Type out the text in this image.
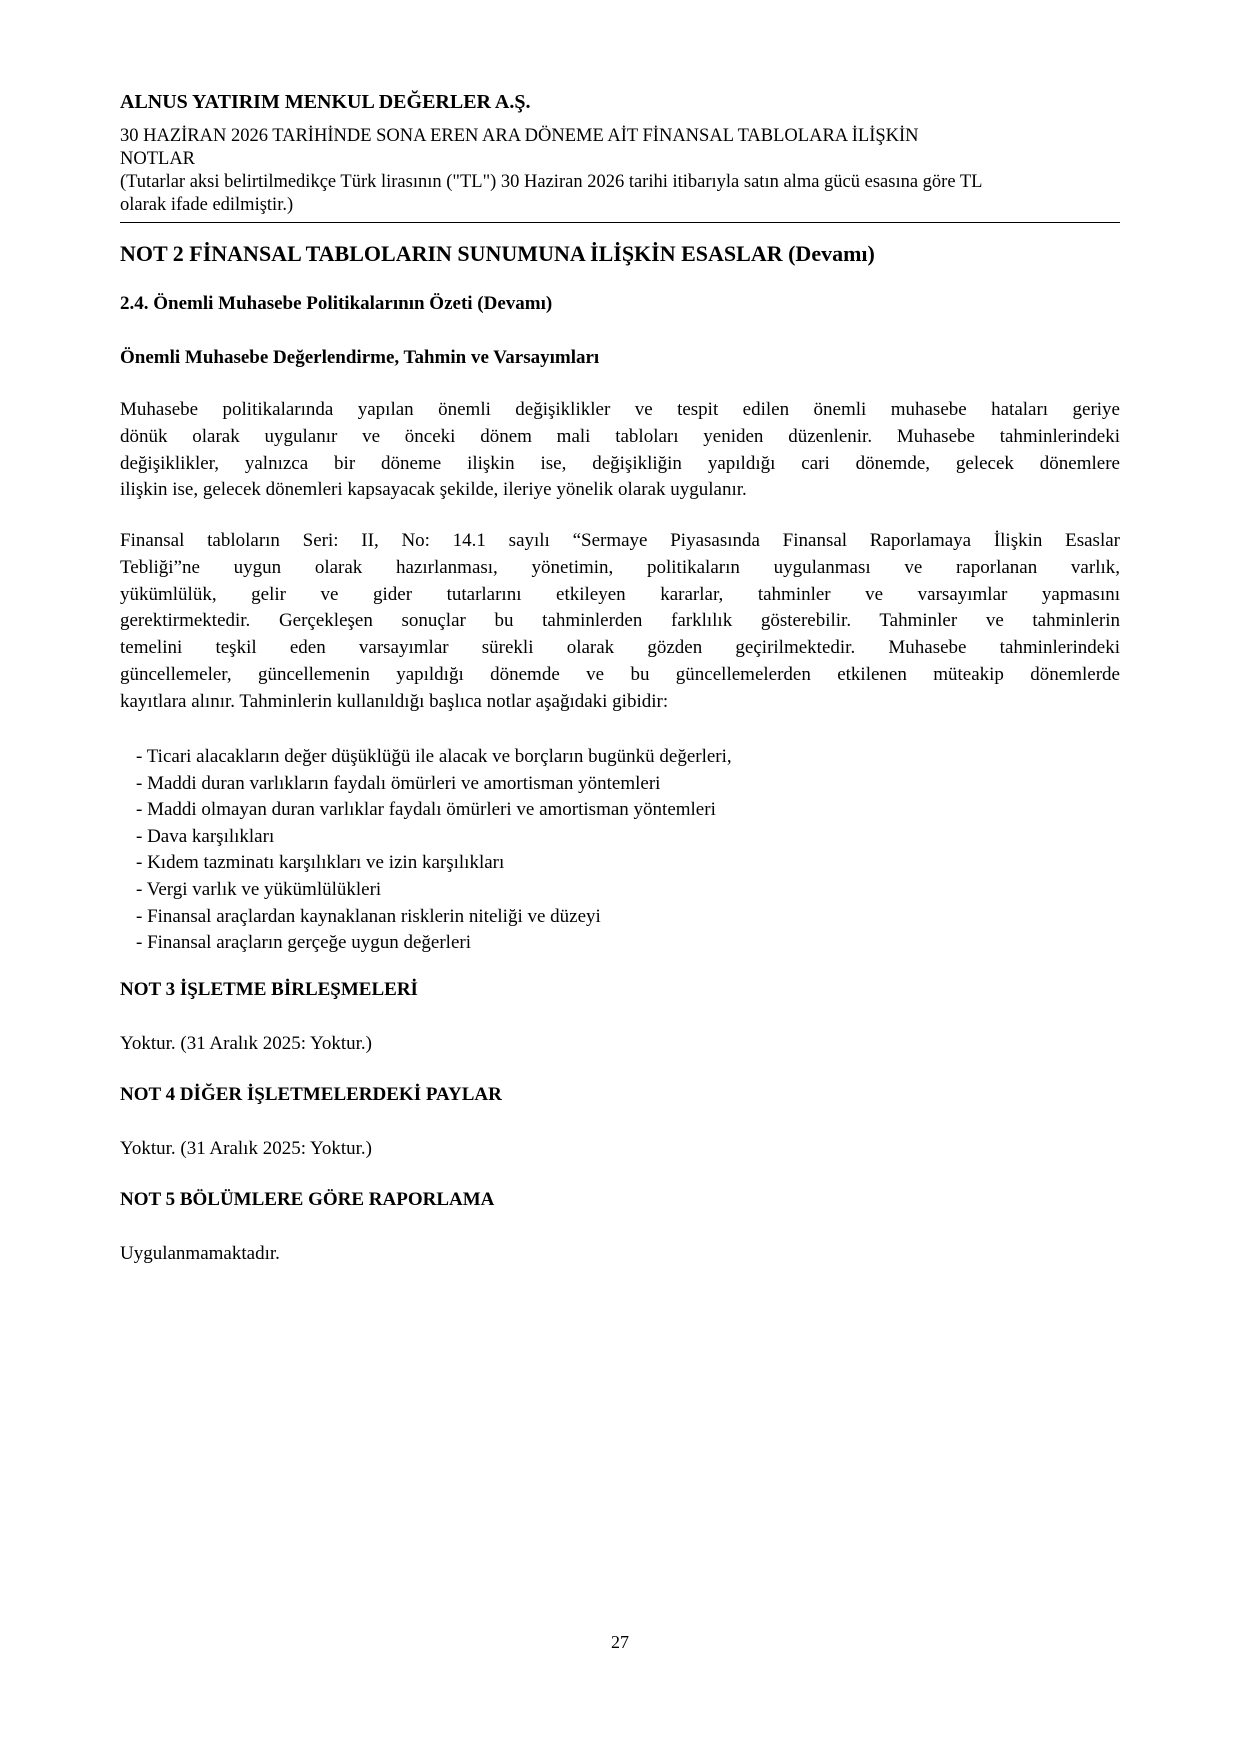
ALNUS YATIRIM MENKUL DEĞERLER A.Ş.
30 HAZİRAN 2026 TARİHİNDE SONA EREN ARA DÖNEME AİT FİNANSAL TABLOLARA İLİŞKİN
NOTLAR
(Tutarlar aksi belirtilmedikçe Türk lirasının ("TL") 30 Haziran 2026 tarihi itibarıyla satın alma gücü esasına göre TL
olarak ifade edilmiştir.)
NOT 2 FİNANSAL TABLOLARIN SUNUMUNA İLİŞKİN ESASLAR (Devamı)
2.4. Önemli Muhasebe Politikalarının Özeti (Devamı)
Önemli Muhasebe Değerlendirme, Tahmin ve Varsayımları
Muhasebe politikalarında yapılan önemli değişiklikler ve tespit edilen önemli muhasebe hataları geriye
dönük olarak uygulanır ve önceki dönem mali tabloları yeniden düzenlenir. Muhasebe tahminlerindeki
değişiklikler, yalnızca bir döneme ilişkin ise, değişikliğin yapıldığı cari dönemde, gelecek dönemlere
ilişkin ise, gelecek dönemleri kapsayacak şekilde, ileriye yönelik olarak uygulanır.
Finansal tabloların Seri: II, No: 14.1 sayılı “Sermaye Piyasasında Finansal Raporlamaya İlişkin Esaslar
Tebliği”ne uygun olarak hazırlanması, yönetimin, politikaların uygulanması ve raporlanan varlık,
yükümlülük, gelir ve gider tutarlarını etkileyen kararlar, tahminler ve varsayımlar yapmasını
gerektirmektedir. Gerçekleşen sonuçlar bu tahminlerden farklılık gösterebilir. Tahminler ve tahminlerin
temelini teşkil eden varsayımlar sürekli olarak gözden geçirilmektedir. Muhasebe tahminlerindeki
güncellemeler, güncellemenin yapıldığı dönemde ve bu güncellemelerden etkilenen müteakip dönemlerde
kayıtlara alınır. Tahminlerin kullanıldığı başlıca notlar aşağıdaki gibidir:
- Ticari alacakların değer düşüklüğü ile alacak ve borçların bugünkü değerleri,
- Maddi duran varlıkların faydalı ömürleri ve amortisman yöntemleri
- Maddi olmayan duran varlıklar faydalı ömürleri ve amortisman yöntemleri
- Dava karşılıkları
- Kıdem tazminatı karşılıkları ve izin karşılıkları
- Vergi varlık ve yükümlülükleri
- Finansal araçlardan kaynaklanan risklerin niteliği ve düzeyi
- Finansal araçların gerçeğe uygun değerleri
NOT 3 İŞLETME BİRLEŞMELERİ
Yoktur. (31 Aralık 2025: Yoktur.)
NOT 4 DİĞER İŞLETMELERDEKİ PAYLAR
Yoktur. (31 Aralık 2025: Yoktur.)
NOT 5 BÖLÜMLERE GÖRE RAPORLAMA
Uygulanmamaktadır.
27
